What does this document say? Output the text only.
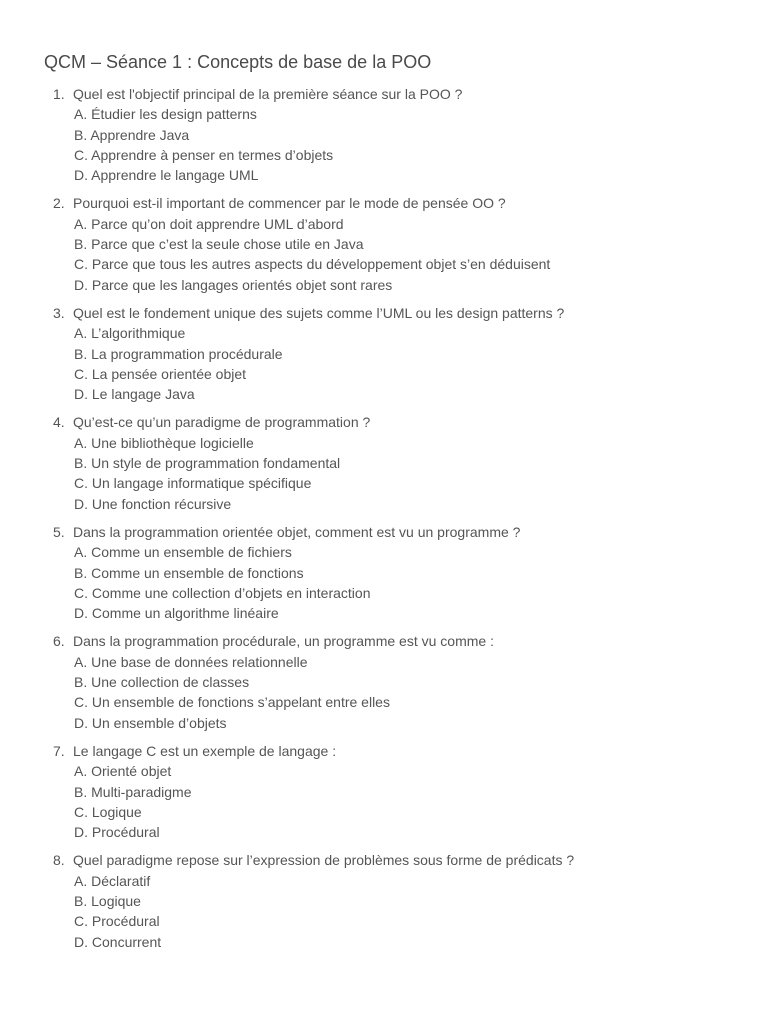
QCM – Séance 1 : Concepts de base de la POO
1. Quel est l'objectif principal de la première séance sur la POO ?
A. Étudier les design patterns
B. Apprendre Java
C. Apprendre à penser en termes d’objets
D. Apprendre le langage UML
2. Pourquoi est-il important de commencer par le mode de pensée OO ?
A. Parce qu’on doit apprendre UML d’abord
B. Parce que c’est la seule chose utile en Java
C. Parce que tous les autres aspects du développement objet s’en déduisent
D. Parce que les langages orientés objet sont rares
3. Quel est le fondement unique des sujets comme l’UML ou les design patterns ?
A. L’algorithmique
B. La programmation procédurale
C. La pensée orientée objet
D. Le langage Java
4. Qu’est-ce qu’un paradigme de programmation ?
A. Une bibliothèque logicielle
B. Un style de programmation fondamental
C. Un langage informatique spécifique
D. Une fonction récursive
5. Dans la programmation orientée objet, comment est vu un programme ?
A. Comme un ensemble de fichiers
B. Comme un ensemble de fonctions
C. Comme une collection d’objets en interaction
D. Comme un algorithme linéaire
6. Dans la programmation procédurale, un programme est vu comme :
A. Une base de données relationnelle
B. Une collection de classes
C. Un ensemble de fonctions s’appelant entre elles
D. Un ensemble d’objets
7. Le langage C est un exemple de langage :
A. Orienté objet
B. Multi-paradigme
C. Logique
D. Procédural
8. Quel paradigme repose sur l’expression de problèmes sous forme de prédicats ?
A. Déclaratif
B. Logique
C. Procédural
D. Concurrent
